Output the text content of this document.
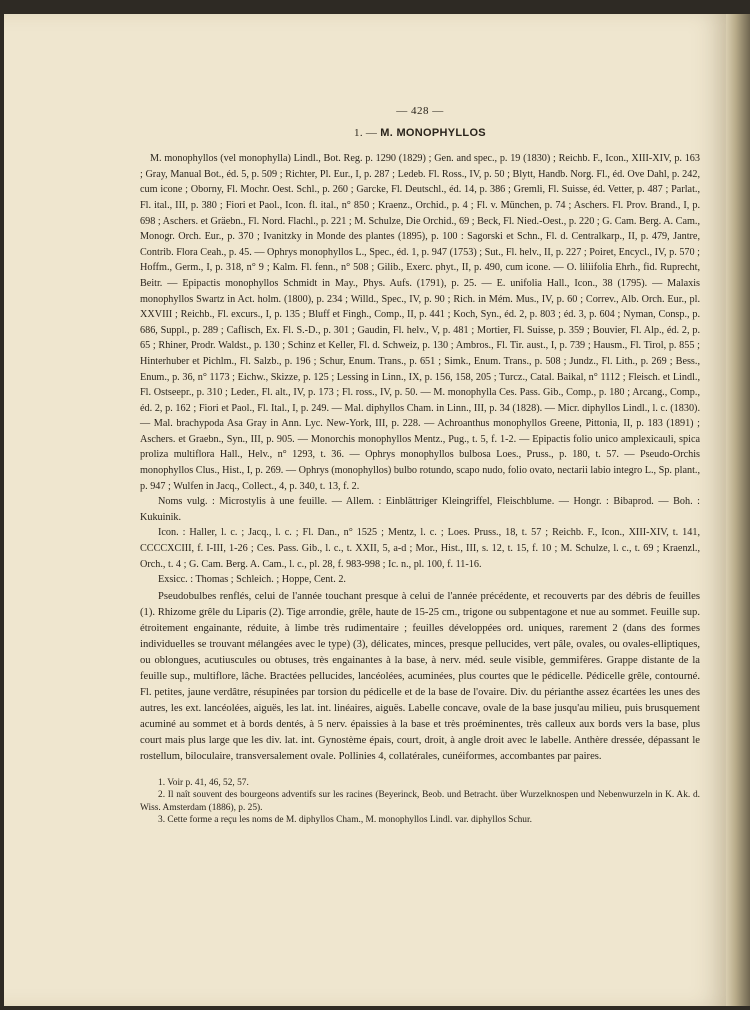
— 428 —
1. — M. MONOPHYLLOS

M. monophyllos (vel monophylla) Lindl., Bot. Reg. p. 1290 (1829) ; Gen. and spec., p. 19 (1830) ; Reichb. F., Icon., XIII-XIV, p. 163 ; Gray, Manual Bot., éd. 5, p. 509 ; Richter, Pl. Eur., I, p. 287 ; Ledeb. Fl. Ross., IV, p. 50 ; Blytt, Handb. Norg. Fl., éd. Ove Dahl, p. 242, cum icone ; Oborny, Fl. Mochr. Oest. Schl., p. 260 ; Garcke, Fl. Deutschl., éd. 14, p. 386 ; Gremli, Fl. Suisse, éd. Vetter, p. 487 ; Parlat., Fl. ital., III, p. 380 ; Fiori et Paol., Icon. fl. ital., n° 850 ; Kraenz., Orchid., p. 4 ; Fl. v. München, p. 74 ; Aschers. Fl. Prov. Brand., I, p. 698 ; Aschers. et Gräebn., Fl. Nord. Flachl., p. 221 ; M. Schulze, Die Orchid., 69 ; Beck, Fl. Nied.-Oest., p. 220 ; G. Cam. Berg. A. Cam., Monogr. Orch. Eur., p. 370 ; Ivanitzky in Monde des plantes (1895), p. 100 : Sagorski et Schn., Fl. d. Centralkarp., II, p. 479, Jantre, Contrib. Flora Ceah., p. 45. — Ophrys monophyllos L., Spec., éd. 1, p. 947 (1753) ; Sut., Fl. helv., II, p. 227 ; Poiret, Encycl., IV, p. 570 ; Hoffm., Germ., I, p. 318, n° 9 ; Kalm. Fl. fenn., n° 508 ; Gilib., Exerc. phyt., II, p. 490, cum icone. — O. liliifolia Ehrh., fid. Ruprecht, Beitr. — Epipactis monophyllos Schmidt in May., Phys. Aufs. (1791), p. 25. — E. unifolia Hall., Icon., 38 (1795). — Malaxis monophyllos Swartz in Act. holm. (1800), p. 234 ; Willd., Spec., IV, p. 90 ; Rich. in Mém. Mus., IV, p. 60 ; Correv., Alb. Orch. Eur., pl. XXVIII ; Reichb., Fl. excurs., I, p. 135 ; Bluff et Fingh., Comp., II, p. 441 ; Koch, Syn., éd. 2, p. 803 ; éd. 3, p. 604 ; Nyman, Consp., p. 686, Suppl., p. 289 ; Caflisch, Ex. Fl. S.-D., p. 301 ; Gaudin, Fl. helv., V, p. 481 ; Mortier, Fl. Suisse, p. 359 ; Bouvier, Fl. Alp., éd. 2, p. 65 ; Rhiner, Prodr. Waldst., p. 130 ; Schinz et Keller, Fl. d. Schweiz, p. 130 ; Ambros., Fl. Tir. aust., I, p. 739 ; Hausm., Fl. Tirol, p. 855 ; Hinterhuber et Pichlm., Fl. Salzb., p. 196 ; Schur, Enum. Trans., p. 651 ; Simk., Enum. Trans., p. 508 ; Jundz., Fl. Lith., p. 269 ; Bess., Enum., p. 36, n° 1173 ; Eichw., Skizze, p. 125 ; Lessing in Linn., IX, p. 156, 158, 205 ; Turcz., Catal. Baikal, n° 1112 ; Fleisch. et Lindl., Fl. Ostseepr., p. 310 ; Leder., Fl. alt., IV, p. 173 ; Fl. ross., IV, p. 50. — M. monophylla Ces. Pass. Gib., Comp., p. 180 ; Arcang., Comp., éd. 2, p. 162 ; Fiori et Paol., Fl. Ital., I, p. 249. — Mal. diphyllos Cham. in Linn., III, p. 34 (1828). — Micr. diphyllos Lindl., l. c. (1830). — Mal. brachypoda Asa Gray in Ann. Lyc. New-York, III, p. 228. — Achroanthus monophyllos Greene, Pittonia, II, p. 183 (1891) ; Aschers. et Graebn., Syn., III, p. 905. — Monorchis monophyllos Mentz., Pug., t. 5, f. 1-2. — Epipactis folio unico amplexicauli, spica proliza multiflora Hall., Helv., n° 1293, t. 36. — Ophrys monophyllos bulbosa Loes., Pruss., p. 180, t. 57. — Pseudo-Orchis monophyllos Clus., Hist., I, p. 269. — Ophrys (monophyllos) bulbo rotundo, scapo nudo, folio ovato, nectarii labio integro L., Sp. plant., p. 947 ; Wulfen in Jacq., Collect., 4, p. 340, t. 13, f. 2.

Noms vulg. : Microstylis à une feuille. — Allem. : Einblättriger Kleingriffel, Fleischblume. — Hongr. : Bibaprod. — Boh. : Kukuinik.

Icon. : Haller, l. c. ; Jacq., l. c. ; Fl. Dan., n° 1525 ; Mentz, l. c. ; Loes. Pruss., 18, t. 57 ; Reichb. F., Icon., XIII-XIV, t. 141, CCCCXCIII, f. I-III, 1-26 ; Ces. Pass. Gib., l. c., t. XXII, 5, a-d ; Mor., Hist., III, s. 12, t. 15, f. 10 ; M. Schulze, l. c., t. 69 ; Kraenzl., Orch., t. 4 ; G. Cam. Berg. A. Cam., l. c., pl. 28, f. 983-998 ; Ic. n., pl. 100, f. 11-16.

Exsicc. : Thomas ; Schleich. ; Hoppe, Cent. 2.

Pseudobulbes renflés, celui de l'année touchant presque à celui de l'année précédente, et recouverts par des débris de feuilles (1). Rhizome grêle du Liparis (2). Tige arrondie, grêle, haute de 15-25 cm., trigone ou subpentagone et nue au sommet. Feuille sup. étroitement engainante, réduite, à limbe très rudimentaire ; feuilles développées ord. uniques, rarement 2 (dans des formes individuelles se trouvant mélangées avec le type) (3), délicates, minces, presque pellucides, vert pâle, ovales, ou ovales-elliptiques, ou oblongues, acutiuscules ou obtuses, très engainantes à la base, à nerv. méd. seule visible, gemmifères. Grappe distante de la feuille sup., multiflore, lâche. Bractées pellucides, lancéolées, acuminées, plus courtes que le pédicelle. Pédicelle grêle, contourné. Fl. petites, jaune verdâtre, résupinées par torsion du pédicelle et de la base de l'ovaire. Div. du périanthe assez écartées les unes des autres, les ext. lancéolées, aiguës, les lat. int. linéaires, aiguës. Labelle concave, ovale de la base jusqu'au milieu, puis brusquement acuminé au sommet et à bords dentés, à 5 nerv. épaissies à la base et très proéminentes, très calleux aux bords vers la base, plus court mais plus large que les div. lat. int. Gynostème épais, court, droit, à angle droit avec le labelle. Anthère dressée, dépassant le rostellum, biloculaire, transversalement ovale. Pollinies 4, collatérales, cunéiformes, accombantes par paires.

1. Voir p. 41, 46, 52, 57.
2. Il naît souvent des bourgeons adventifs sur les racines (Beyerinck, Beob. und Betracht. über Wurzelknospen und Nebenwurzeln in K. Ak. d. Wiss. Amsterdam (1886), p. 25).
3. Cette forme a reçu les noms de M. diphyllos Cham., M. monophyllos Lindl. var. diphyllos Schur.
